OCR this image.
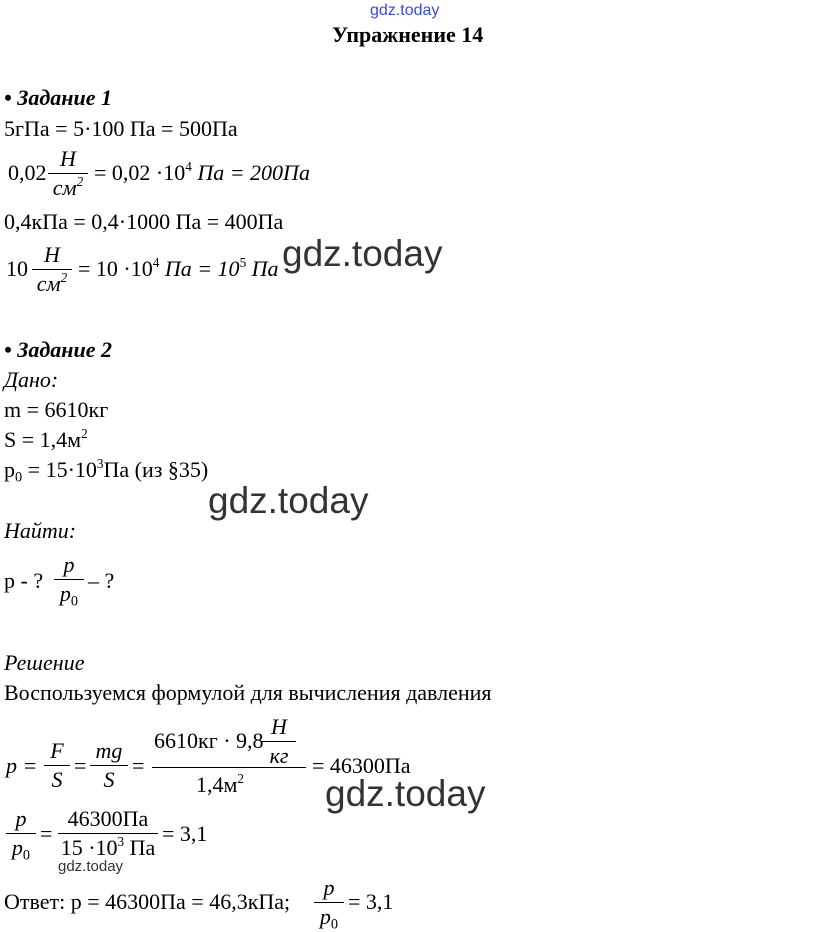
gdz.today
Упражнение 14
• Задание 1
5гПа = 5·100 Па = 500Па
0,02
Н
$см^2 = 0,02 \cdot 10^4$ Па = 200Па
0,4кПа = 0,4·1000 Па = 400Па
10
Н
$см^2 = 10 \cdot 10^4$ Па = $10^5$ Па gdz.today
• Задание 2
Дано:
m = 6610кг
$S = 1,4м^2$
$p_0 = 15\cdot 10^3Па$ (из §35)
gdz.today
Найти:
p - ?
p
$p_0$
– ?
Решение
Воспользуемся формулой для вычисления давления
p =
F
S
=
mg
S
=
6610кг · 9,8
Н
кг
$1,4м^2$
= 46300Па
gdz.today
p
$p_0$
=
46300Па
$15 \cdot 10^3$ Па
= 3,1
gdz.today
Ответ: p = 46300Па = 46,3кПа;
p
$p_0$
= 3,1
